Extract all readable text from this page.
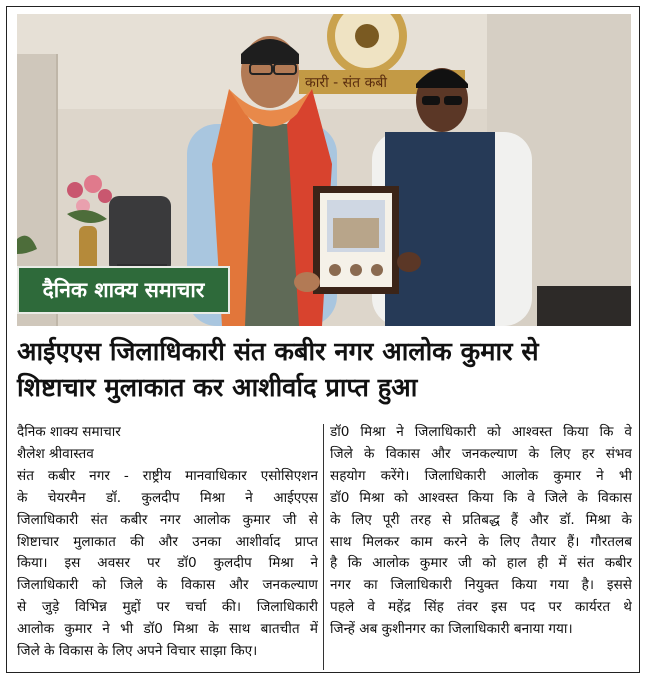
कारी - संत कबी
दैनिक शाक्य समाचार
आईएएस जिलाधिकारी संत कबीर नगर आलोक कुमार से
शिष्टाचार मुलाकात कर आशीर्वाद प्राप्त हुआ
दैनिक शाक्य समाचार
शैलेश श्रीवास्तव
संत कबीर नगर - राष्ट्रीय मानवाधिकार एसोसिएशन
के चेयरमैन डॉ. कुलदीप मिश्रा ने आईएएस
जिलाधिकारी संत कबीर नगर आलोक कुमार जी से
शिष्टाचार मुलाकात की और उनका आशीर्वाद प्राप्त
किया। इस अवसर पर डॉ0 कुलदीप मिश्रा ने
जिलाधिकारी को जिले के विकास और जनकल्याण
से जुड़े विभिन्न मुद्दों पर चर्चा की। जिलाधिकारी
आलोक कुमार ने भी डॉ0 मिश्रा के साथ बातचीत में
जिले के विकास के लिए अपने विचार साझा किए।
डॉ0 मिश्रा ने जिलाधिकारी को आश्वस्त किया कि वे
जिले के विकास और जनकल्याण के लिए हर संभव
सहयोग करेंगे। जिलाधिकारी आलोक कुमार ने भी
डॉ0 मिश्रा को आश्वस्त किया कि वे जिले के विकास
के लिए पूरी तरह से प्रतिबद्ध हैं और डॉ. मिश्रा के
साथ मिलकर काम करने के लिए तैयार हैं। गौरतलब
है कि आलोक कुमार जी को हाल ही में संत कबीर
नगर का जिलाधिकारी नियुक्त किया गया है। इससे
पहले वे महेंद्र सिंह तंवर इस पद पर कार्यरत थे
जिन्हें अब कुशीनगर का जिलाधिकारी बनाया गया।
